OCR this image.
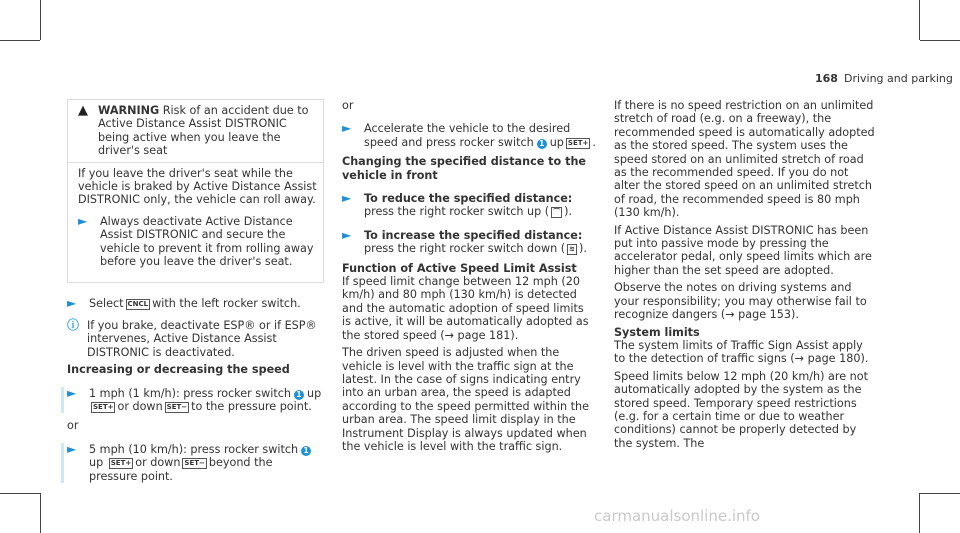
168 Driving and parking
▲ WARNING Risk of an accident due to Active Distance Assist DISTRONIC being active when you leave the driver's seat

If you leave the driver's seat while the vehicle is braked by Active Distance Assist DISTRONIC only, the vehicle can roll away.

►	Always deactivate Active Distance Assist DISTRONIC and secure the vehicle to prevent it from rolling away before you leave the driver's seat.
►	Select CNCL with the left rocker switch.
ⓘ If you brake, deactivate ESP® or if ESP® intervenes, Active Distance Assist DISTRONIC is deactivated.
Increasing or decreasing the speed
►	1 mph (1 km/h): press rocker switch 1 up SET+ or down SET− to the pressure point.

or

►	5 mph (10 km/h): press rocker switch 1up SET+ or down SET− beyond the pressure point.

or

►	Accelerate the vehicle to the desired speed and press rocker switch 1 up SET+ .
Changing the specified distance to the vehicle in front
►	To reduce the specified distance: press the right rocker switch up ( ⌒ ).
►	To increase the specified distance: press the right rocker switch down ( ≋ ).
Function of Active Speed Limit Assist

If speed limit change between 12 mph (20 km/h) and 80 mph (130 km/h) is detected and the automatic adoption of speed limits is active, it will be automatically adopted as the stored speed (→ page 181).

The driven speed is adjusted when the vehicle is level with the traffic sign at the latest. In the case of signs indicating entry into an urban area, the speed is adapted according to the speed permitted within the urban area. The speed limit display in the Instrument Display is always updated when the vehicle is level with the traffic sign.

If there is no speed restriction on an unlimited stretch of road (e.g. on a freeway), the recommended speed is automatically adopted as the stored speed. The system uses the speed stored on an unlimited stretch of road as the recommended speed. If you do not alter the stored speed on an unlimited stretch of road, the recommended speed is 80 mph (130 km/h).

If Active Distance Assist DISTRONIC has been put into passive mode by pressing the accelerator pedal, only speed limits which are higher than the set speed are adopted.

Observe the notes on driving systems and your responsibility; you may otherwise fail to recognize dangers (→ page 153).

System limits

The system limits of Traffic Sign Assist apply to the detection of traffic signs (→ page 180).

Speed limits below 12 mph (20 km/h) are not automatically adopted by the system as the stored speed. Temporary speed restrictions (e.g. for a certain time or due to weather conditions) cannot be properly detected by the system. The

carmanualsonline.info
